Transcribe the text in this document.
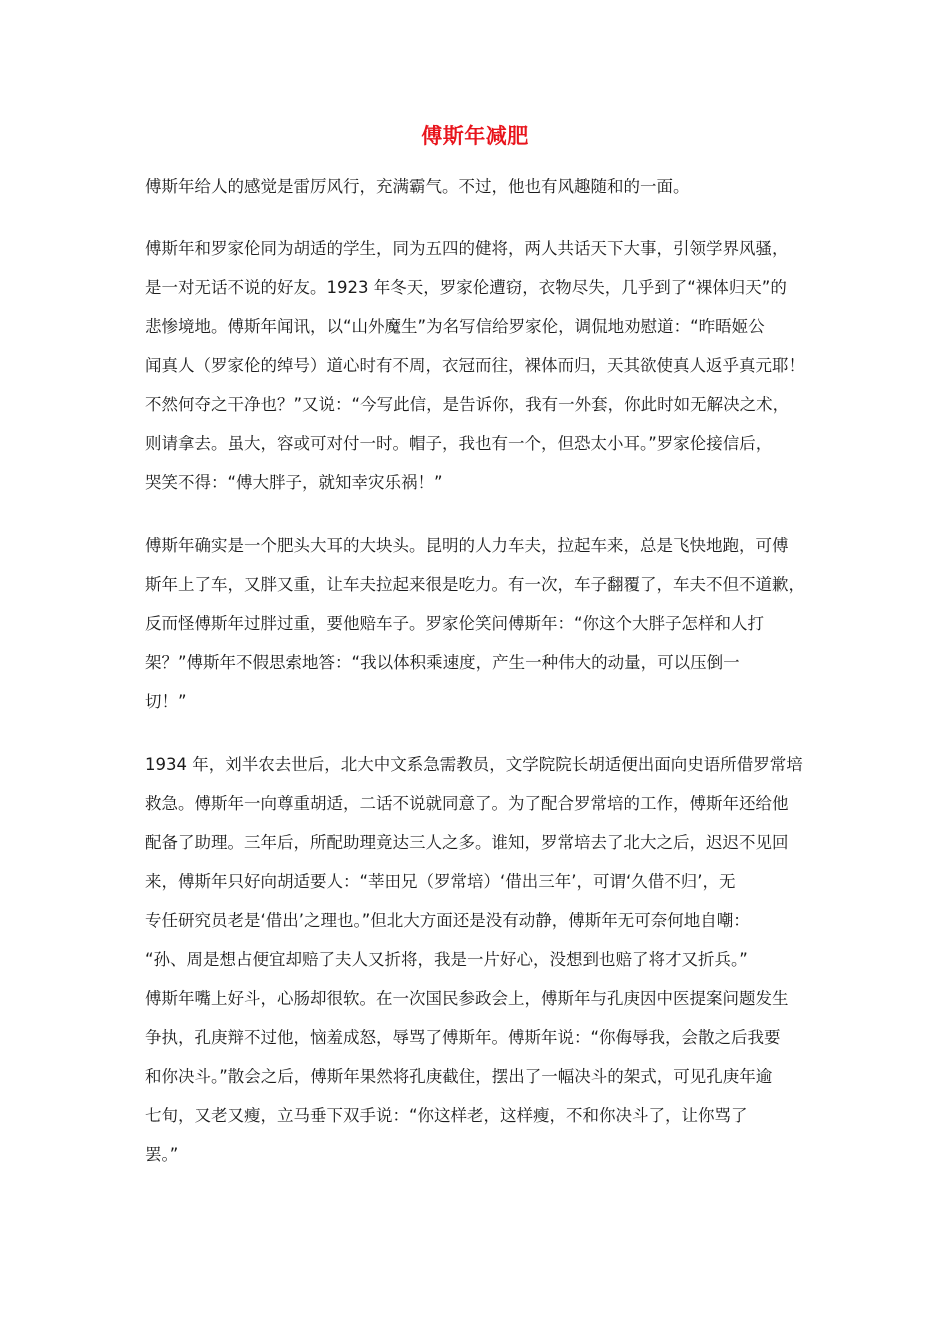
傅斯年减肥
傅斯年给人的感觉是雷厉风行，充满霸气。不过，他也有风趣随和的一面。
傅斯年和罗家伦同为胡适的学生，同为五四的健将，两人共话天下大事，引领学界风骚，
是一对无话不说的好友。1923 年冬天，罗家伦遭窃，衣物尽失，几乎到了“裸体归天”的
悲惨境地。傅斯年闻讯，以“山外魔生”为名写信给罗家伦，调侃地劝慰道：“昨晤姬公
闻真人（罗家伦的绰号）道心时有不周，衣冠而往，裸体而归，天其欲使真人返乎真元耶！
不然何夺之干净也？”又说：“今写此信，是告诉你，我有一外套，你此时如无解决之术，
则请拿去。虽大，容或可对付一时。帽子，我也有一个，但恐太小耳。”罗家伦接信后，
哭笑不得：“傅大胖子，就知幸灾乐祸！”
傅斯年确实是一个肥头大耳的大块头。昆明的人力车夫，拉起车来，总是飞快地跑，可傅
斯年上了车，又胖又重，让车夫拉起来很是吃力。有一次，车子翻覆了，车夫不但不道歉，
反而怪傅斯年过胖过重，要他赔车子。罗家伦笑问傅斯年：“你这个大胖子怎样和人打
架？”傅斯年不假思索地答：“我以体积乘速度，产生一种伟大的动量，可以压倒一
切！”
1934 年，刘半农去世后，北大中文系急需教员，文学院院长胡适便出面向史语所借罗常培
救急。傅斯年一向尊重胡适，二话不说就同意了。为了配合罗常培的工作，傅斯年还给他
配备了助理。三年后，所配助理竟达三人之多。谁知，罗常培去了北大之后，迟迟不见回
来，傅斯年只好向胡适要人：“莘田兄（罗常培）‘借出三年’，可谓‘久借不归’，无
专任研究员老是‘借出’之理也。”但北大方面还是没有动静，傅斯年无可奈何地自嘲：
“孙、周是想占便宜却赔了夫人又折将，我是一片好心，没想到也赔了将才又折兵。”
傅斯年嘴上好斗，心肠却很软。在一次国民参政会上，傅斯年与孔庚因中医提案问题发生
争执，孔庚辩不过他，恼羞成怒，辱骂了傅斯年。傅斯年说：“你侮辱我，会散之后我要
和你决斗。”散会之后，傅斯年果然将孔庚截住，摆出了一幅决斗的架式，可见孔庚年逾
七旬，又老又瘦，立马垂下双手说：“你这样老，这样瘦，不和你决斗了，让你骂了
罢。”
